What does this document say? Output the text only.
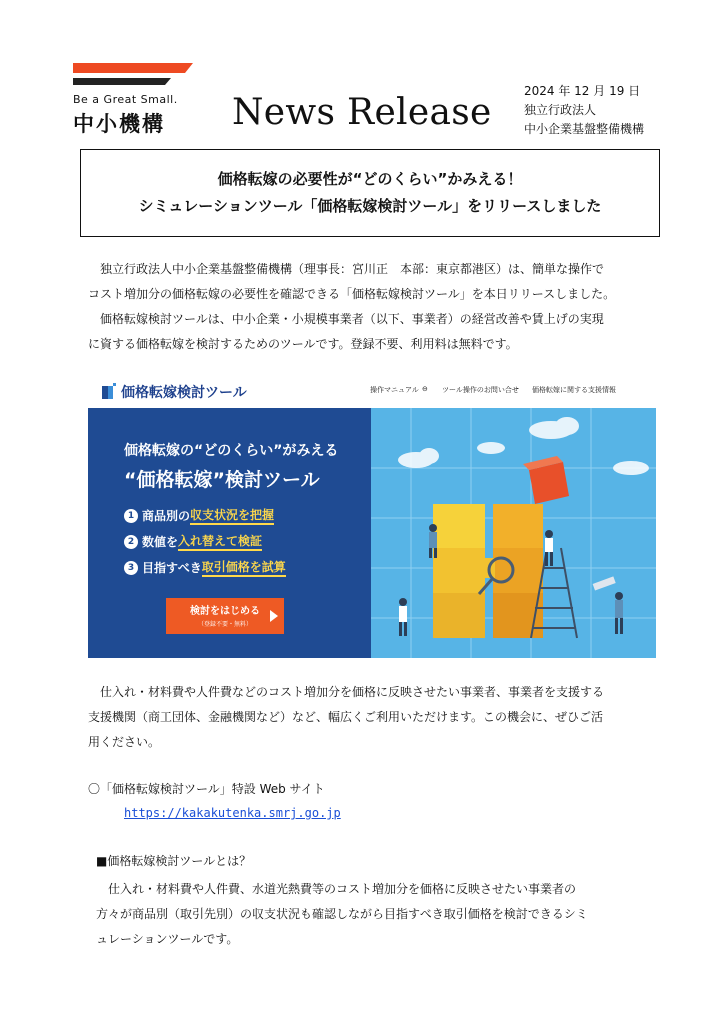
Be a Great Small.
中小機構 News Release
2024 年 12 月 19 日
独立行政法人
中小企業基盤整備機構
価格転嫁の必要性が“どのくらい”かみえる！
シミュレーションツール「価格転嫁検討ツール」をリリースしました
独立行政法人中小企業基盤整備機構（理事長：宮川正　本部：東京都港区）は、簡単な操作で
コスト増加分の価格転嫁の必要性を確認できる「価格転嫁検討ツール」を本日リリースしました。
価格転嫁検討ツールは、中小企業・小規模事業者（以下、事業者）の経営改善や賃上げの実現
に資する価格転嫁を検討するためのツールです。登録不要、利用料は無料です。
価格転嫁検討ツール	操作マニュアル ⊖ ツール操作のお問い合せ 価格転嫁に関する支援情報
価格転嫁の“どのくらい”がみえる
“価格転嫁”検討ツール
1 商品別の 収支状況を把握
2 数値を 入れ替えて検証
3 目指すべき 取引価格を試算
検討をはじめる
（登録不要・無料）
仕入れ・材料費や人件費などのコスト増加分を価格に反映させたい事業者、事業者を支援する
支援機関（商工団体、金融機関など）など、幅広くご利用いただけます。この機会に、ぜひご活
用ください。
〇「価格転嫁検討ツール」特設 Web サイト
https://kakakutenka.smrj.go.jp
■価格転嫁検討ツールとは？
仕入れ・材料費や人件費、水道光熱費等のコスト増加分を価格に反映させたい事業者の
方々が商品別（取引先別）の収支状況も確認しながら目指すべき取引価格を検討できるシミ
ュレーションツールです。
